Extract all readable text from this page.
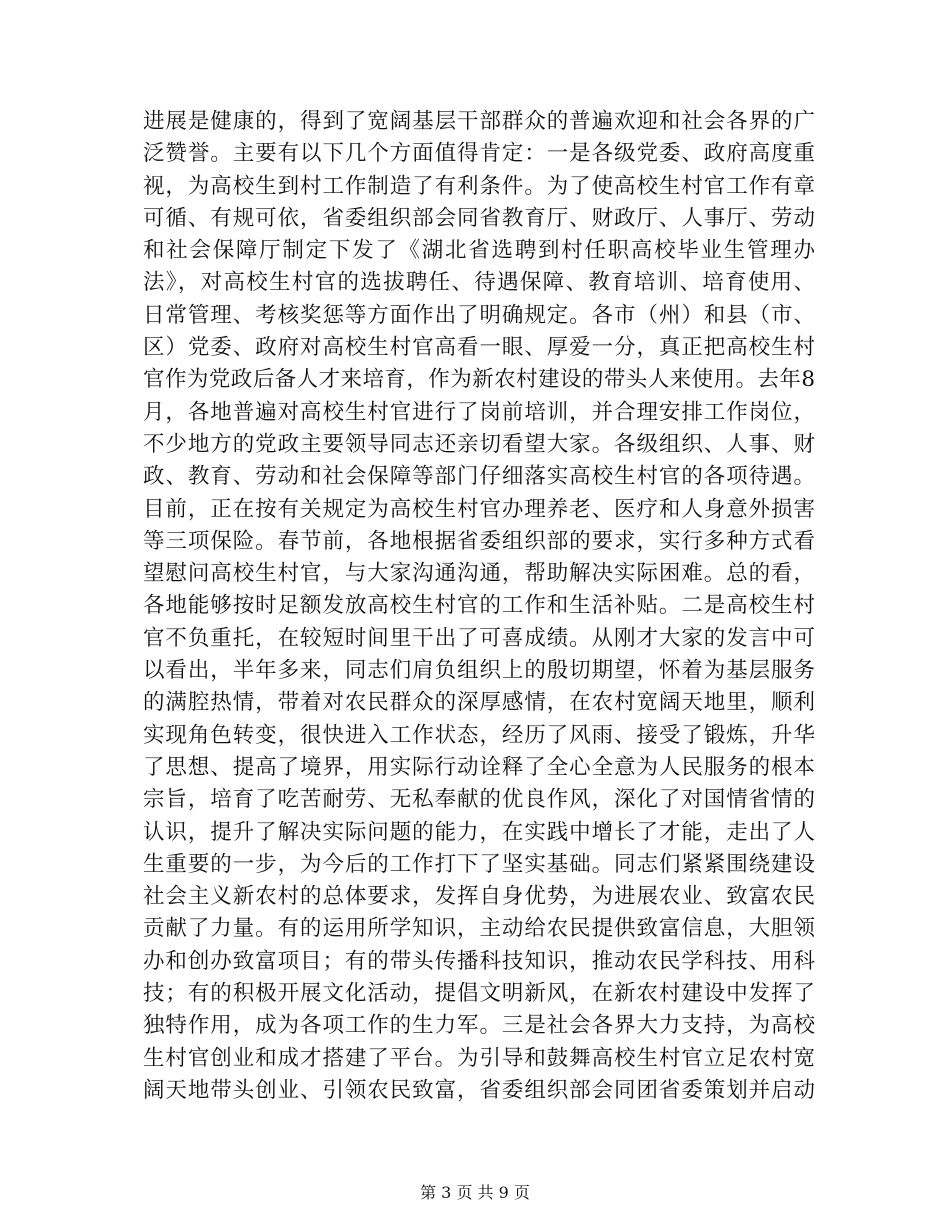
进展是健康的，得到了宽阔基层干部群众的普遍欢迎和社会各界的广
泛赞誉。主要有以下几个方面值得肯定：一是各级党委、政府高度重
视，为高校生到村工作制造了有利条件。为了使高校生村官工作有章
可循、有规可依，省委组织部会同省教育厅、财政厅、人事厅、劳动
和社会保障厅制定下发了《湖北省选聘到村任职高校毕业生管理办
法》，对高校生村官的选拔聘任、待遇保障、教育培训、培育使用、
日常管理、考核奖惩等方面作出了明确规定。各市（州）和县（市、
区）党委、政府对高校生村官高看一眼、厚爱一分，真正把高校生村
官作为党政后备人才来培育，作为新农村建设的带头人来使用。去年8
月，各地普遍对高校生村官进行了岗前培训，并合理安排工作岗位，
不少地方的党政主要领导同志还亲切看望大家。各级组织、人事、财
政、教育、劳动和社会保障等部门仔细落实高校生村官的各项待遇。
目前，正在按有关规定为高校生村官办理养老、医疗和人身意外损害
等三项保险。春节前，各地根据省委组织部的要求，实行多种方式看
望慰问高校生村官，与大家沟通沟通，帮助解决实际困难。总的看，
各地能够按时足额发放高校生村官的工作和生活补贴。二是高校生村
官不负重托，在较短时间里干出了可喜成绩。从刚才大家的发言中可
以看出，半年多来，同志们肩负组织上的殷切期望，怀着为基层服务
的满腔热情，带着对农民群众的深厚感情，在农村宽阔天地里，顺利
实现角色转变，很快进入工作状态，经历了风雨、接受了锻炼，升华
了思想、提高了境界，用实际行动诠释了全心全意为人民服务的根本
宗旨，培育了吃苦耐劳、无私奉献的优良作风，深化了对国情省情的
认识，提升了解决实际问题的能力，在实践中增长了才能，走出了人
生重要的一步，为今后的工作打下了坚实基础。同志们紧紧围绕建设
社会主义新农村的总体要求，发挥自身优势，为进展农业、致富农民
贡献了力量。有的运用所学知识，主动给农民提供致富信息，大胆领
办和创办致富项目；有的带头传播科技知识，推动农民学科技、用科
技；有的积极开展文化活动，提倡文明新风，在新农村建设中发挥了
独特作用，成为各项工作的生力军。三是社会各界大力支持，为高校
生村官创业和成才搭建了平台。为引导和鼓舞高校生村官立足农村宽
阔天地带头创业、引领农民致富，省委组织部会同团省委策划并启动
第 3 页 共 9 页
